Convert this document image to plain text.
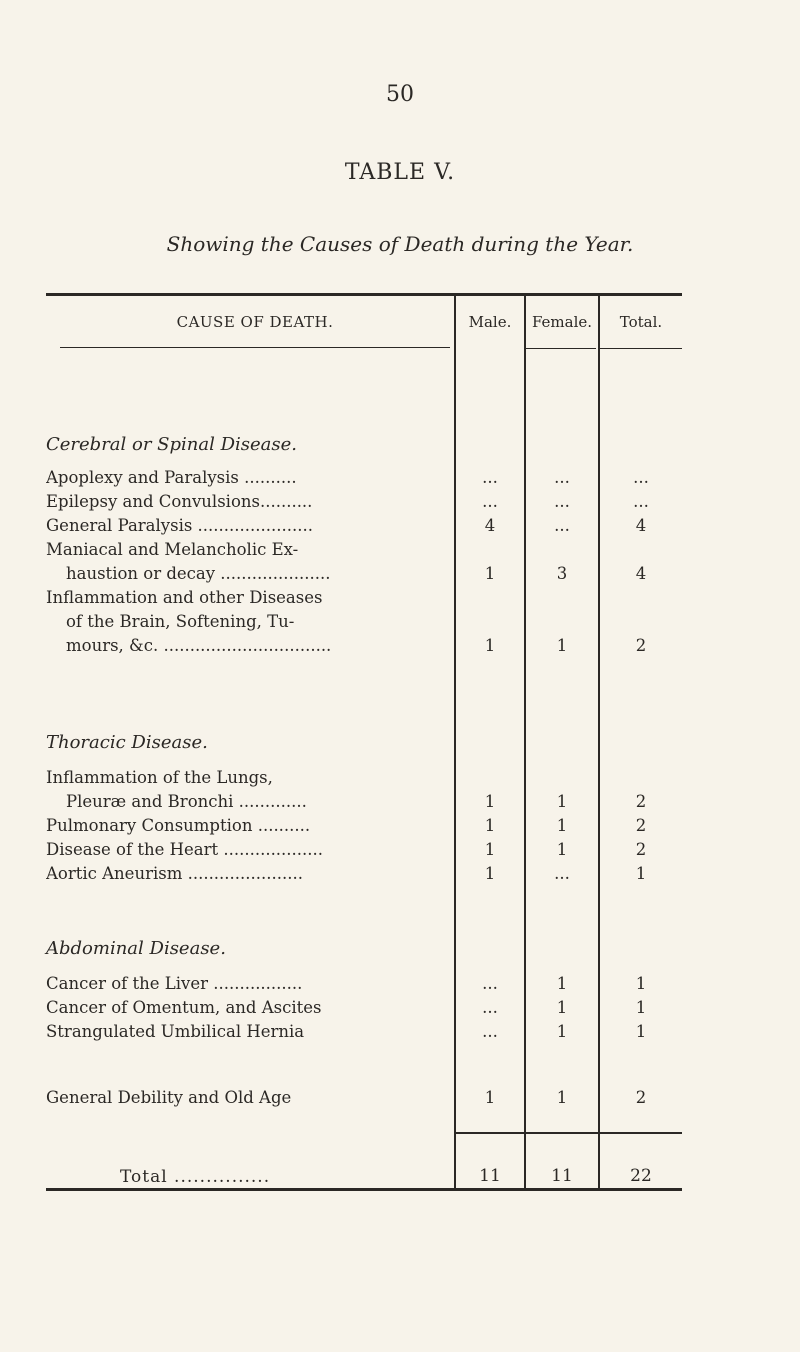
50
TABLE V.
Showing the Causes of Death during the Year.
CAUSE OF DEATH.	Male.	Female.	Total.
Cerebral or Spinal Disease.
Apoplexy and Paralysis ..........	...	...	...
Epilepsy and Convulsions..........	...	...	...
General Paralysis ......................	4	...	4
Maniacal and Melancholic Ex-
haustion or decay .....................	1	3	4
Inflammation and other Diseases
of the Brain, Softening, Tu-
mours, &c. ................................	1	1	2
Thoracic Disease.
Inflammation of the Lungs,
Pleuræ and Bronchi .............	1	1	2
Pulmonary Consumption ..........	1	1	2
Disease of the Heart ...................	1	1	2
Aortic Aneurism ......................	1	...	1
Abdominal Disease.
Cancer of the Liver .................	...	1	1
Cancer of Omentum, and Ascites	...	1	1
Strangulated Umbilical Hernia	...	1	1
General Debility and Old Age	1	1	2
Total ...............	11	11	22
